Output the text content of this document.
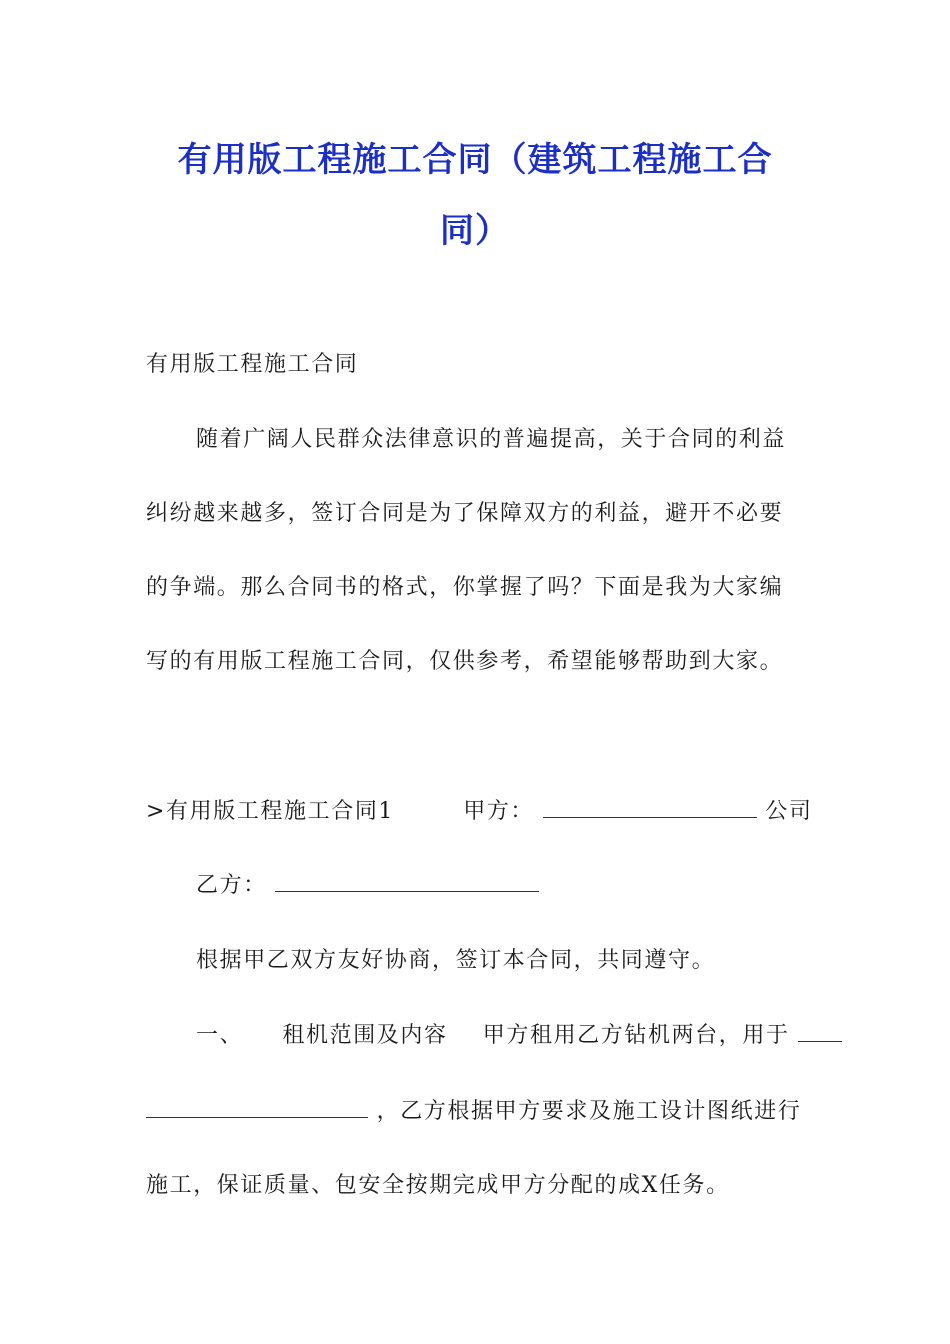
有用版工程施工合同（建筑工程施工合
同）
有用版工程施工合同
随着广阔人民群众法律意识的普遍提高，关于合同的利益
纠纷越来越多，签订合同是为了保障双方的利益，避开不必要
的争端。那么合同书的格式，你掌握了吗？下面是我为大家编
写的有用版工程施工合同，仅供参考，希望能够帮助到大家。
>有用版工程施工合同1	甲方：	公司
乙方：
根据甲乙双方友好协商，签订本合同，共同遵守。
一、 租机范围及内容 甲方租用乙方钻机两台，用于
，乙方根据甲方要求及施工设计图纸进行
施工，保证质量、包安全按期完成甲方分配的成X任务。
